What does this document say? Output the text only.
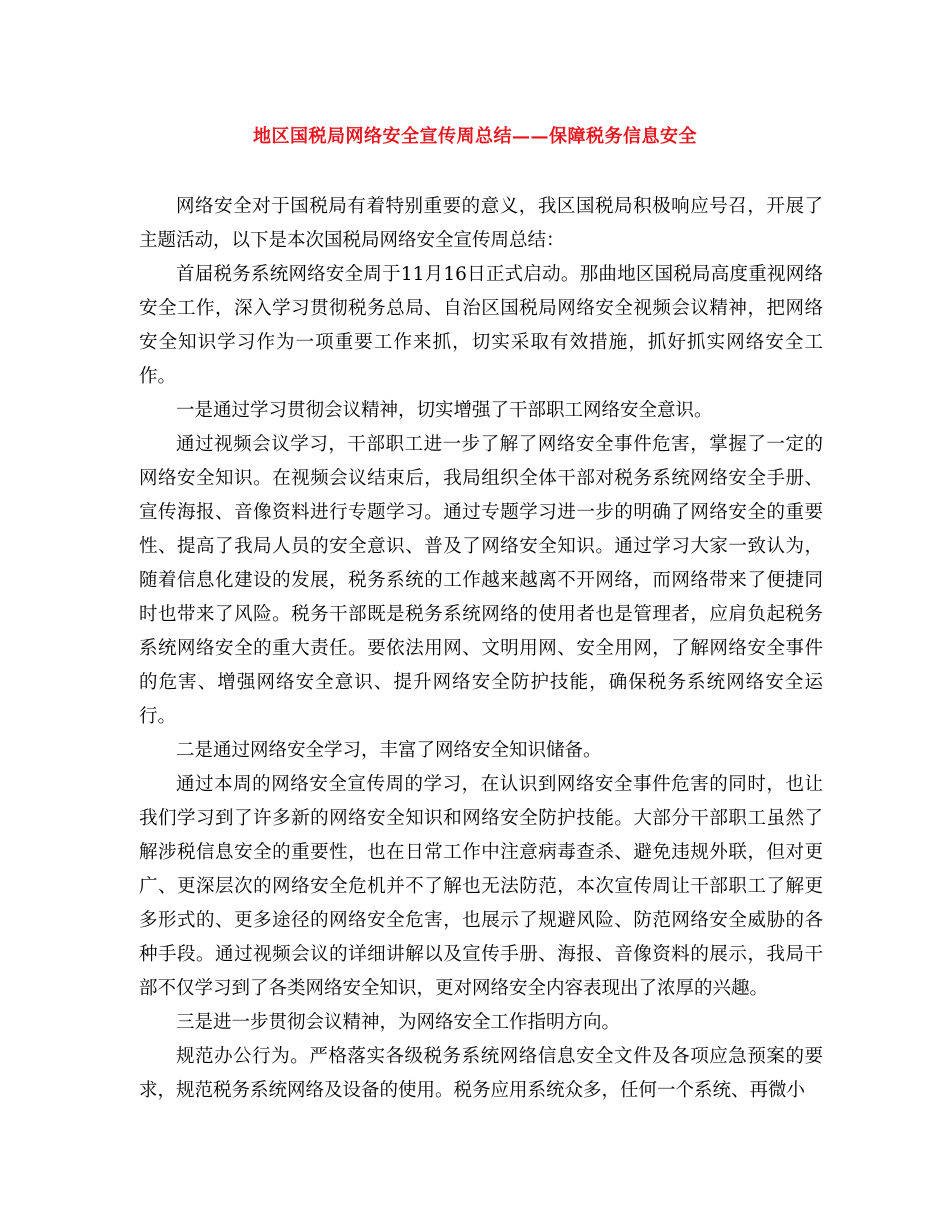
地区国税局网络安全宣传周总结——保障税务信息安全

网络安全对于国税局有着特别重要的意义，我区国税局积极响应号召，开展了主题活动，以下是本次国税局网络安全宣传周总结：

首届税务系统网络安全周于11月16日正式启动。那曲地区国税局高度重视网络安全工作，深入学习贯彻税务总局、自治区国税局网络安全视频会议精神，把网络安全知识学习作为一项重要工作来抓，切实采取有效措施，抓好抓实网络安全工作。

一是通过学习贯彻会议精神，切实增强了干部职工网络安全意识。

通过视频会议学习，干部职工进一步了解了网络安全事件危害，掌握了一定的网络安全知识。在视频会议结束后，我局组织全体干部对税务系统网络安全手册、宣传海报、音像资料进行专题学习。通过专题学习进一步的明确了网络安全的重要性、提高了我局人员的安全意识、普及了网络安全知识。通过学习大家一致认为，随着信息化建设的发展，税务系统的工作越来越离不开网络，而网络带来了便捷同时也带来了风险。税务干部既是税务系统网络的使用者也是管理者，应肩负起税务系统网络安全的重大责任。要依法用网、文明用网、安全用网，了解网络安全事件的危害、增强网络安全意识、提升网络安全防护技能，确保税务系统网络安全运行。

二是通过网络安全学习，丰富了网络安全知识储备。

通过本周的网络安全宣传周的学习，在认识到网络安全事件危害的同时，也让我们学习到了许多新的网络安全知识和网络安全防护技能。大部分干部职工虽然了解涉税信息安全的重要性，也在日常工作中注意病毒查杀、避免违规外联，但对更广、更深层次的网络安全危机并不了解也无法防范，本次宣传周让干部职工了解更多形式的、更多途径的网络安全危害，也展示了规避风险、防范网络安全威胁的各种手段。通过视频会议的详细讲解以及宣传手册、海报、音像资料的展示，我局干部不仅学习到了各类网络安全知识，更对网络安全内容表现出了浓厚的兴趣。

三是进一步贯彻会议精神，为网络安全工作指明方向。

规范办公行为。严格落实各级税务系统网络信息安全文件及各项应急预案的要求，规范税务系统网络及设备的使用。税务应用系统众多，任何一个系统、再微小
